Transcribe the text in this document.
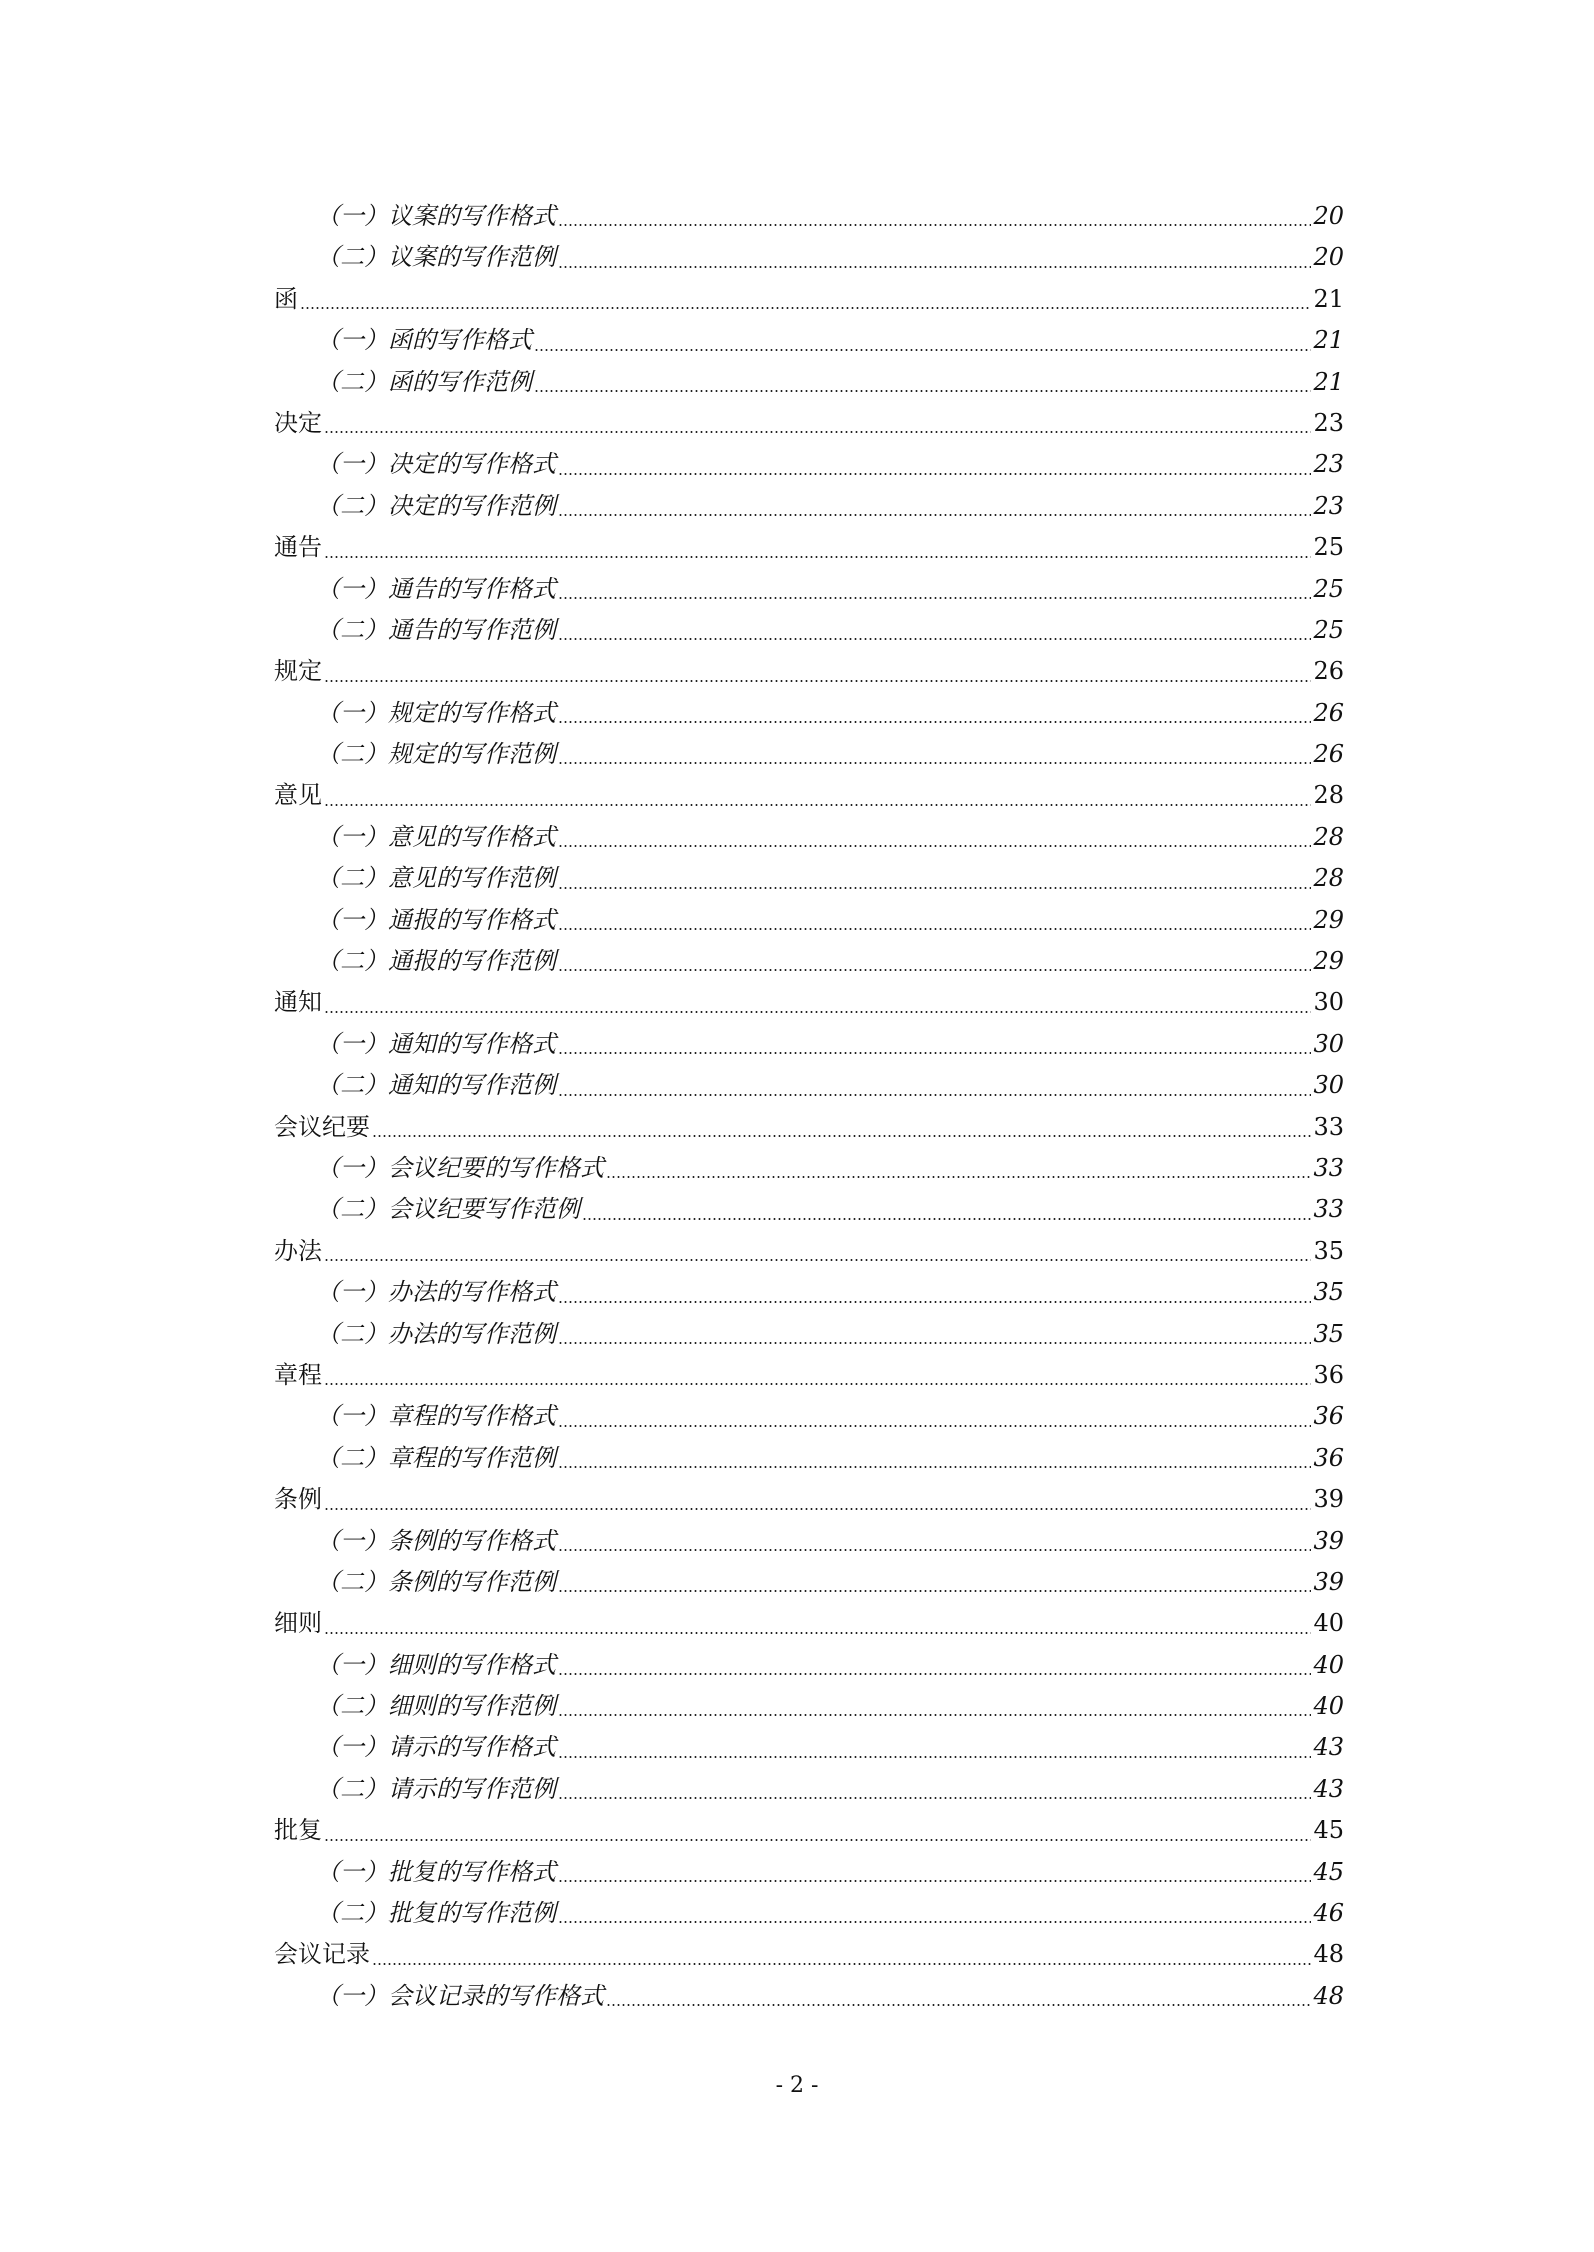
（一）议案的写作格式	20
（二）议案的写作范例	20
函	21
（一）函的写作格式	21
（二）函的写作范例	21
决定	23
（一）决定的写作格式	23
（二）决定的写作范例	23
通告	25
（一）通告的写作格式	25
（二）通告的写作范例	25
规定	26
（一）规定的写作格式	26
（二）规定的写作范例	26
意见	28
（一）意见的写作格式	28
（二）意见的写作范例	28
（一）通报的写作格式	29
（二）通报的写作范例	29
通知	30
（一）通知的写作格式	30
（二）通知的写作范例	30
会议纪要	33
（一）会议纪要的写作格式	33
（二）会议纪要写作范例	33
办法	35
（一）办法的写作格式	35
（二）办法的写作范例	35
章程	36
（一）章程的写作格式	36
（二）章程的写作范例	36
条例	39
（一）条例的写作格式	39
（二）条例的写作范例	39
细则	40
（一）细则的写作格式	40
（二）细则的写作范例	40
（一）请示的写作格式	43
（二）请示的写作范例	43
批复	45
（一）批复的写作格式	45
（二）批复的写作范例	46
会议记录	48
（一）会议记录的写作格式	48
- 2 -
